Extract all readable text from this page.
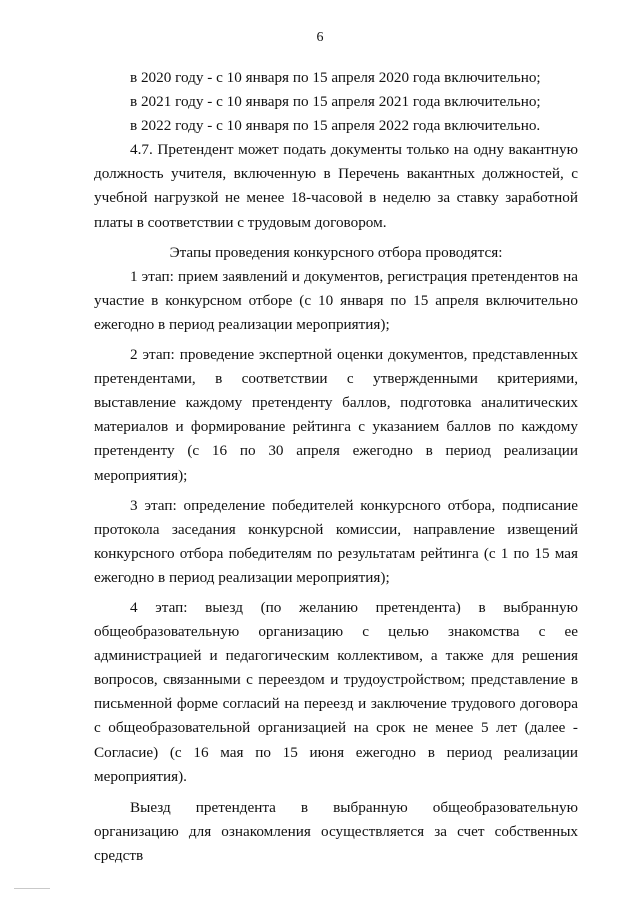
6

в 2020 году - с 10 января по 15 апреля 2020 года включительно;

в 2021 году - с 10 января по 15 апреля 2021 года включительно;

в 2022 году - с 10 января по 15 апреля 2022 года включительно.

4.7. Претендент может подать документы только на одну вакантную должность учителя, включенную в Перечень вакантных должностей, с учебной нагрузкой не менее 18-часовой в неделю за ставку заработной платы в соответствии с трудовым договором.

Этапы проведения конкурсного отбора проводятся:

1 этап: прием заявлений и документов, регистрация претендентов на участие в конкурсном отборе (с 10 января по 15 апреля включительно ежегодно в период реализации мероприятия);

2 этап: проведение экспертной оценки документов, представленных претендентами, в соответствии с утвержденными критериями, выставление каждому претенденту баллов, подготовка аналитических материалов и формирование рейтинга с указанием баллов по каждому претенденту (с 16 по 30 апреля ежегодно в период реализации мероприятия);

3 этап: определение победителей конкурсного отбора, подписание протокола заседания конкурсной комиссии, направление извещений конкурсного отбора победителям по результатам рейтинга (с 1 по 15 мая ежегодно в период реализации мероприятия);

4 этап: выезд (по желанию претендента) в выбранную общеобразовательную организацию с целью знакомства с ее администрацией и педагогическим коллективом, а также для решения вопросов, связанными с переездом и трудоустройством; представление в письменной форме согласий на переезд и заключение трудового договора с общеобразовательной организацией на срок не менее 5 лет (далее - Согласие) (с 16 мая по 15 июня ежегодно в период реализации мероприятия).

Выезд претендента в выбранную общеобразовательную организацию для ознакомления осуществляется за счет собственных средств
